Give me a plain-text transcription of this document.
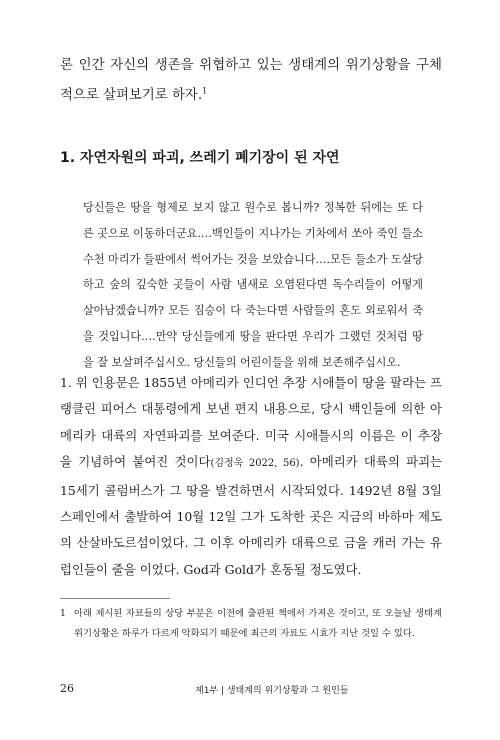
론 인간 자신의 생존을 위협하고 있는 생태계의 위기상황을 구체적으로 살펴보기로 하자.$^1$

1. 자연자원의 파괴, 쓰레기 폐기장이 된 자연

당신들은 땅을 형제로 보지 않고 원수로 봅니까? 정복한 뒤에는 또 다른 곳으로 이동하더군요.…백인들이 지나가는 기차에서 쏘아 죽인 들소 수천 마리가 들판에서 썩어가는 것을 보았습니다.…모든 들소가 도살당하고 숲의 깊숙한 곳들이 사람 냄새로 오염된다면 독수리들이 어떻게 살아남겠습니까? 모든 짐승이 다 죽는다면 사람들의 혼도 외로워서 죽을 것입니다.…만약 당신들에게 땅을 판다면 우리가 그랬던 것처럼 땅을 잘 보살펴주십시오. 당신들의 어린이들을 위해 보존해주십시오.

1. 위 인용문은 1855년 아메리카 인디언 추장 시애틀이 땅을 팔라는 프랭클린 피어스 대통령에게 보낸 편지 내용으로, 당시 백인들에 의한 아메리카 대륙의 자연파괴를 보여준다. 미국 시애틀시의 이름은 이 추장을 기념하여 붙여진 것이다(김정욱 2022, 56). 아메리카 대륙의 파괴는 15세기 콜럼버스가 그 땅을 발견하면서 시작되었다. 1492년 8월 3일 스페인에서 출발하여 10월 12일 그가 도착한 곳은 지금의 바하마 제도의 산살바도르섬이었다. 그 이후 아메리카 대륙으로 금을 캐러 가는 유럽인들이 줄을 이었다. God과 Gold가 혼동될 정도였다.

1 아래 제시된 자료들의 상당 부분은 이전에 출판된 책에서 가져온 것이고, 또 오늘날 생태계 위기상황은 하루가 다르게 악화되기 때문에 최근의 자료도 시효가 지난 것일 수 있다.
26	제1부 | 생태계의 위기상황과 그 원인들
